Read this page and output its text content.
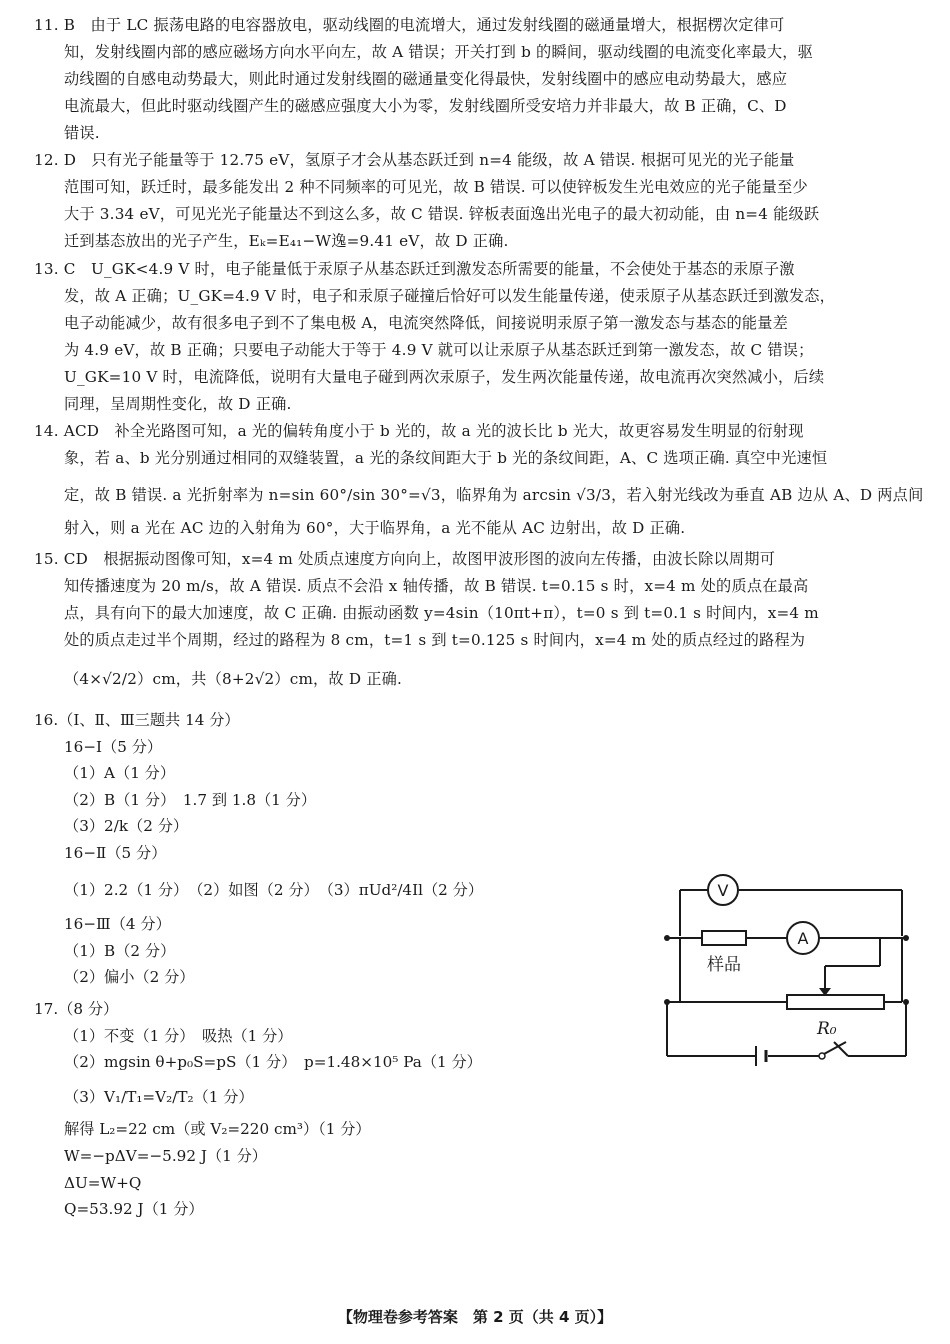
11. B　由于 LC 振荡电路的电容器放电，驱动线圈的电流增大，通过发射线圈的磁通量增大，根据楞次定律可
知，发射线圈内部的感应磁场方向水平向左，故 A 错误；开关打到 b 的瞬间，驱动线圈的电流变化率最大，驱
动线圈的自感电动势最大，则此时通过发射线圈的磁通量变化得最快，发射线圈中的感应电动势最大，感应
电流最大，但此时驱动线圈产生的磁感应强度大小为零，发射线圈所受安培力并非最大，故 B 正确，C、D
错误.
12. D　只有光子能量等于 12.75 eV，氢原子才会从基态跃迁到 n=4 能级，故 A 错误. 根据可见光的光子能量
范围可知，跃迁时，最多能发出 2 种不同频率的可见光，故 B 错误. 可以使锌板发生光电效应的光子能量至少
大于 3.34 eV，可见光光子能量达不到这么多，故 C 错误. 锌板表面逸出光电子的最大初动能，由 n=4 能级跃
迁到基态放出的光子产生，Eₖ=E₄₁−W逸=9.41 eV，故 D 正确.
13. C　U_GK<4.9 V 时，电子能量低于汞原子从基态跃迁到激发态所需要的能量，不会使处于基态的汞原子激
发，故 A 正确；U_GK=4.9 V 时，电子和汞原子碰撞后恰好可以发生能量传递，使汞原子从基态跃迁到激发态，
电子动能减少，故有很多电子到不了集电极 A，电流突然降低，间接说明汞原子第一激发态与基态的能量差
为 4.9 eV，故 B 正确；只要电子动能大于等于 4.9 V 就可以让汞原子从基态跃迁到第一激发态，故 C 错误；
U_GK=10 V 时，电流降低，说明有大量电子碰到两次汞原子，发生两次能量传递，故电流再次突然减小，后续
同理，呈周期性变化，故 D 正确.
14. ACD　补全光路图可知，a 光的偏转角度小于 b 光的，故 a 光的波长比 b 光大，故更容易发生明显的衍射现
象，若 a、b 光分别通过相同的双缝装置，a 光的条纹间距大于 b 光的条纹间距，A、C 选项正确. 真空中光速恒
定，故 B 错误. a 光折射率为 n=sin 60°/sin 30°=√3，临界角为 arcsin √3/3，若入射光线改为垂直 AB 边从 A、D 两点间
射入，则 a 光在 AC 边的入射角为 60°，大于临界角，a 光不能从 AC 边射出，故 D 正确.
15. CD　根据振动图像可知，x=4 m 处质点速度方向向上，故图甲波形图的波向左传播，由波长除以周期可
知传播速度为 20 m/s，故 A 错误. 质点不会沿 x 轴传播，故 B 错误. t=0.15 s 时，x=4 m 处的质点在最高
点，具有向下的最大加速度，故 C 正确. 由振动函数 y=4sin（10πt+π），t=0 s 到 t=0.1 s 时间内，x=4 m
处的质点走过半个周期，经过的路程为 8 cm，t=1 s 到 t=0.125 s 时间内，x=4 m 处的质点经过的路程为
（4×√2/2）cm，共（8+2√2）cm，故 D 正确.
16.（Ⅰ、Ⅱ、Ⅲ三题共 14 分）
16−Ⅰ（5 分）
（1）A（1 分）
（2）B（1 分）　1.7 到 1.8（1 分）
（3）2/k（2 分）
16−Ⅱ（5 分）
（1）2.2（1 分）　（2）如图（2 分）　（3）πUd²/4Il（2 分）
16−Ⅲ（4 分）
（1）B（2 分）
（2）偏小（2 分）
17.（8 分）
（1）不变（1 分）　吸热（1 分）
（2）mgsin θ+p₀S=pS（1 分）　p=1.48×10⁵ Pa（1 分）
（3）V₁/T₁=V₂/T₂（1 分）
解得 L₂=22 cm（或 V₂=220 cm³）（1 分）
W=−pΔV=−5.92 J（1 分）
ΔU=W+Q
Q=53.92 J（1 分）
V
样品
A
R₀
【物理卷参考答案　第 2 页（共 4 页）】
